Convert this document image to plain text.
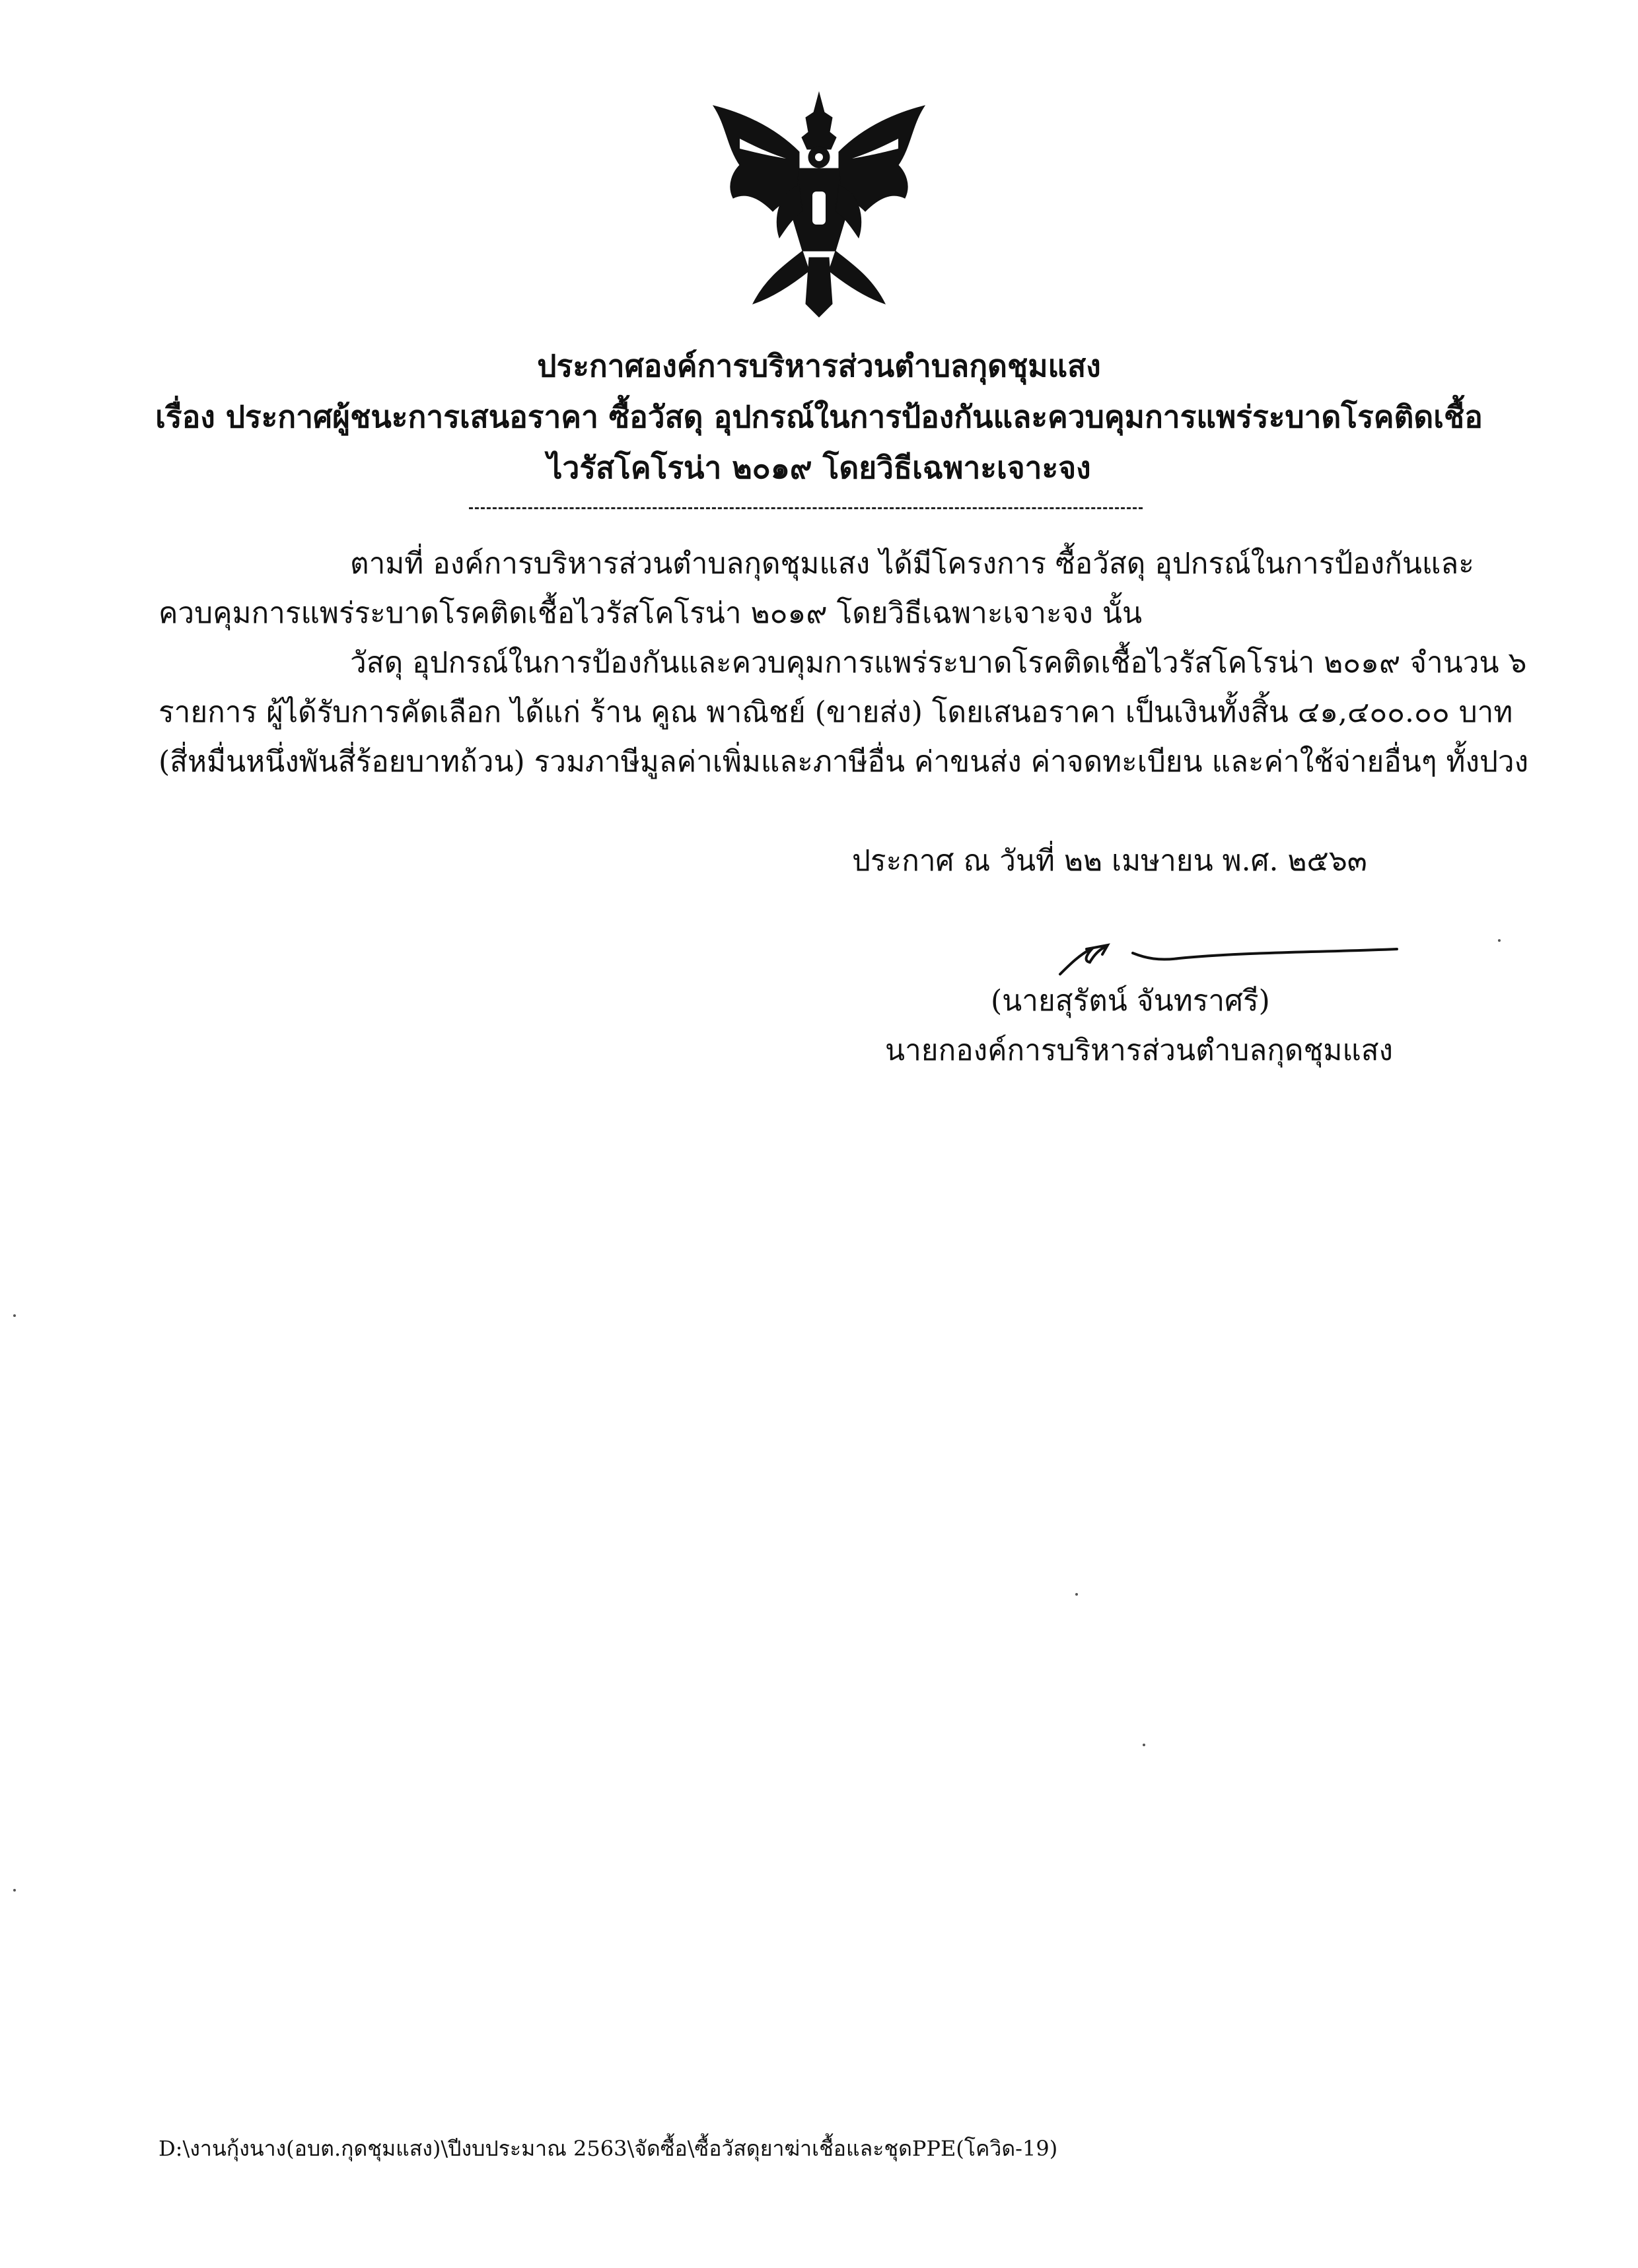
ประกาศองค์การบริหารส่วนตำบลกุดชุมแสง
เรื่อง ประกาศผู้ชนะการเสนอราคา ซื้อวัสดุ อุปกรณ์ในการป้องกันและควบคุมการแพร่ระบาดโรคติดเชื้อ
ไวรัสโคโรน่า ๒๐๑๙ โดยวิธีเฉพาะเจาะจง
ตามที่ องค์การบริหารส่วนตำบลกุดชุมแสง ได้มีโครงการ ซื้อวัสดุ อุปกรณ์ในการป้องกันและ
ควบคุมการแพร่ระบาดโรคติดเชื้อไวรัสโคโรน่า ๒๐๑๙ โดยวิธีเฉพาะเจาะจง นั้น
วัสดุ อุปกรณ์ในการป้องกันและควบคุมการแพร่ระบาดโรคติดเชื้อไวรัสโคโรน่า ๒๐๑๙ จำนวน ๖
รายการ ผู้ได้รับการคัดเลือก ได้แก่ ร้าน คูณ พาณิชย์ (ขายส่ง) โดยเสนอราคา เป็นเงินทั้งสิ้น ๔๑,๔๐๐.๐๐ บาท
(สี่หมื่นหนึ่งพันสี่ร้อยบาทถ้วน) รวมภาษีมูลค่าเพิ่มและภาษีอื่น ค่าขนส่ง ค่าจดทะเบียน และค่าใช้จ่ายอื่นๆ ทั้งปวง
ประกาศ ณ วันที่ ๒๒ เมษายน พ.ศ. ๒๕๖๓
(นายสุรัตน์ จันทราศรี)
นายกองค์การบริหารส่วนตำบลกุดชุมแสง
D:\งานกุ้งนาง(อบต.กุดชุมแสง)\ปีงบประมาณ 2563\จัดซื้อ\ซื้อวัสดุยาฆ่าเชื้อและชุดPPE(โควิด-19)
